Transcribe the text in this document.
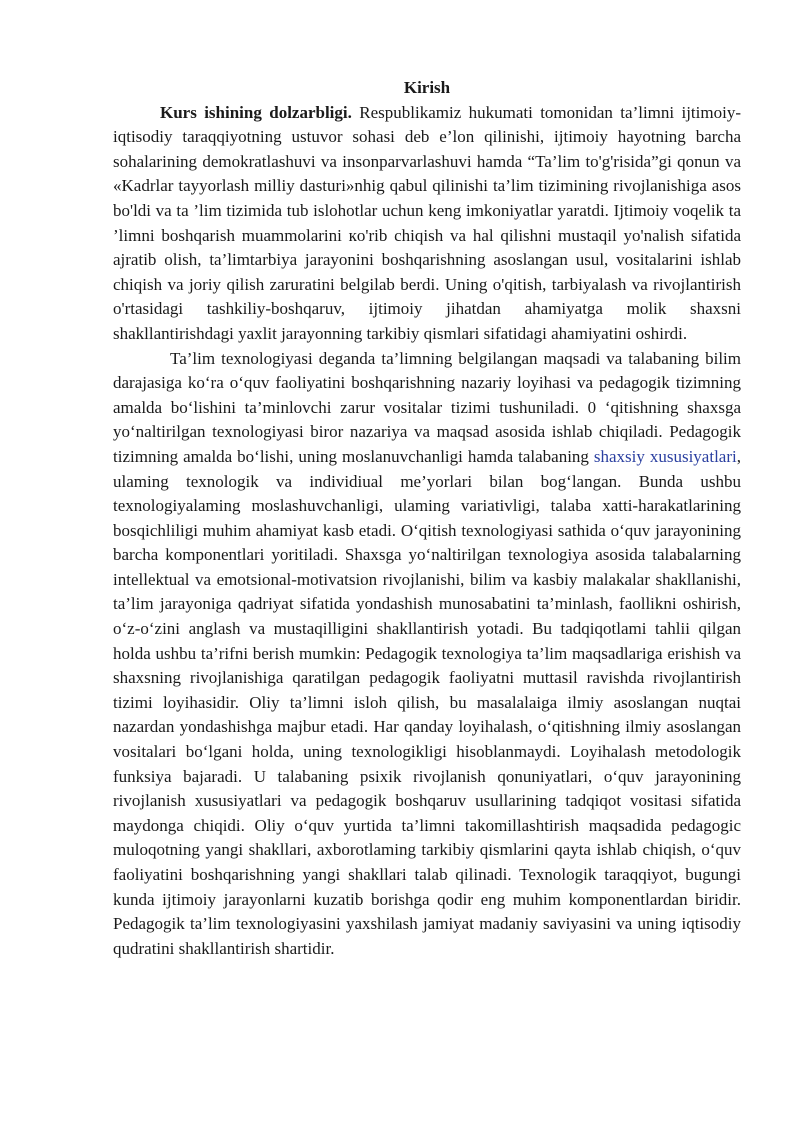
Kirish

Kurs ishining dolzarbligi. Respublikamiz hukumati tomonidan ta’limni ijtimoiy-iqtisodiy taraqqiyotning ustuvor sohasi deb e’lon qilinishi, ijtimoiy hayotning barcha sohalarining demokratlashuvi va insonparvarlashuvi hamda “Ta’lim to'g'risida”gi qonun va «Kadrlar tayyorlash milliy dasturi»nhig qabul qilinishi ta’lim tizimining rivojlanishiga asos bo'ldi va ta ’lim tizimida tub islohotlar uchun keng imkoniyatlar yaratdi. Ijtimoiy voqelik ta ’limni boshqarish muammolarini кo'rib chiqish va hal qilishni mustaqil yo'nalish sifatida ajratib olish, ta’limtarbiya jarayonini boshqarishning asoslangan usul, vositalarini ishlab chiqish va joriy qilish zaruratini belgilab berdi. Uning o'qitish, tarbiyalash va rivojlantirish o'rtasidagi tashkiliy-boshqaruv, ijtimoiy jihatdan ahamiyatga molik shaxsni shakllantirishdagi yaxlit jarayonning tarkibiy qismlari sifatidagi ahamiyatini oshirdi.

Ta’lim texnologiyasi deganda ta’limning belgilangan maqsadi va talabaning bilim darajasiga ko‘ra o‘quv faoliyatini boshqarishning nazariy loyihasi va pedagogik tizimning amalda bo‘lishini ta’minlovchi zarur vositalar tizimi tushuniladi. 0 ‘qitishning shaxsga yo‘naltirilgan texnologiyasi biror nazariya va maqsad asosida ishlab chiqiladi. Pedagogik tizimning amalda bo‘lishi, uning moslanuvchanligi hamda talabaning shaxsiy xususiyatlari, ulaming texnologik va individiual me’yorlari bilan bog‘langan. Bunda ushbu texnologiyalaming moslashuvchanligi, ulaming variativligi, talaba xatti-harakatlarining bosqichliligi muhim ahamiyat kasb etadi. O‘qitish texnologiyasi sathida o‘quv jarayonining barcha komponentlari yoritiladi. Shaxsga yo‘naltirilgan texnologiya asosida talabalarning intellektual va emotsional-motivatsion rivojlanishi, bilim va kasbiy malakalar shakllanishi, ta’lim jarayoniga qadriyat sifatida yondashish munosabatini ta’minlash, faollikni oshirish, o‘z-o‘zini anglash va mustaqilligini shakllantirish yotadi. Bu tadqiqotlami tahlii qilgan holda ushbu ta’rifni berish mumkin: Pedagogik texnologiya ta’lim maqsadlariga erishish va shaxsning rivojlanishiga qaratilgan pedagogik faoliyatni muttasil ravishda rivojlantirish tizimi loyihasidir. Oliy ta’limni isloh qilish, bu masalalaiga ilmiy asoslangan nuqtai nazardan yondashishga majbur etadi. Har qanday loyihalash, o‘qitishning ilmiy asoslangan vositalari bo‘lgani holda, uning texnologikligi hisoblanmaydi. Loyihalash metodologik funksiya bajaradi. U talabaning psixik rivojlanish qonuniyatlari, o‘quv jarayonining rivojlanish xususiyatlari va pedagogik boshqaruv usullarining tadqiqot vositasi sifatida maydonga chiqidi. Oliy o‘quv yurtida ta’limni takomillashtirish maqsadida pedagogic muloqotning yangi shakllari, axborotlaming tarkibiy qismlarini qayta ishlab chiqish, o‘quv faoliyatini boshqarishning yangi shakllari talab qilinadi. Texnologik taraqqiyot, bugungi kunda ijtimoiy jarayonlarni kuzatib borishga qodir eng muhim komponentlardan biridir. Pedagogik ta’lim texnologiyasini yaxshilash jamiyat madaniy saviyasini va uning iqtisodiy qudratini shakllantirish shartidir.
